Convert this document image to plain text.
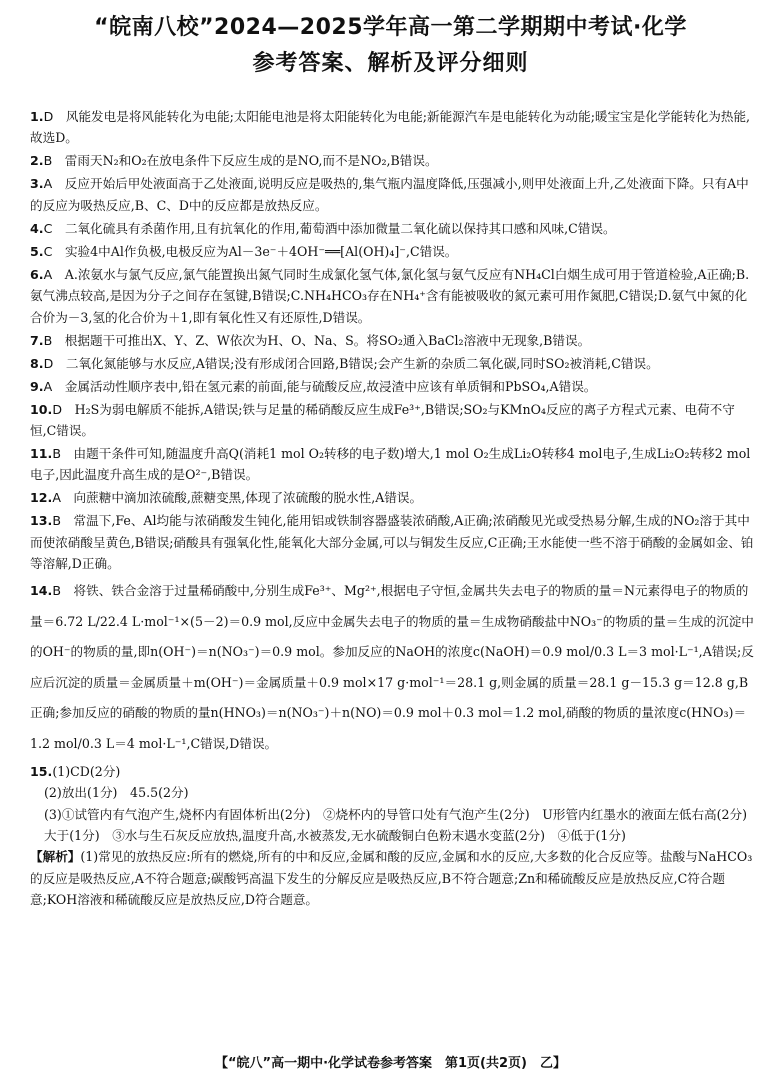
“皖南八校”2024—2025学年高一第二学期期中考试·化学
参考答案、解析及评分细则
1.D　 风能发电是将风能转化为电能;太阳能电池是将太阳能转化为电能;新能源汽车是电能转化为动能;暖宝宝是化学能转化为热能,故选D。
2.B　 雷雨天N₂和O₂在放电条件下反应生成的是NO,而不是NO₂,B错误。
3.A　 反应开始后甲处液面高于乙处液面,说明反应是吸热的,集气瓶内温度降低,压强减小,则甲处液面上升,乙处液面下降。只有A中的反应为吸热反应,B、C、D中的反应都是放热反应。
4.C　 二氧化硫具有杀菌作用,且有抗氧化的作用,葡萄酒中添加微量二氧化硫以保持其口感和风味,C错误。
5.C　 实验4中Al作负极,电极反应为Al－3e⁻＋4OH⁻══[Al(OH)₄]⁻,C错误。
6.A　 A.浓氨水与氯气反应,氯气能置换出氮气同时生成氯化氢气体,氯化氢与氨气反应有NH₄Cl白烟生成可用于管道检验,A正确;B.氨气沸点较高,是因为分子之间存在氢键,B错误;C.NH₄HCO₃存在NH₄⁺含有能被吸收的氮元素可用作氮肥,C错误;D.氨气中氮的化合价为－3,氢的化合价为＋1,即有氧化性又有还原性,D错误。
7.B　 根据题干可推出X、Y、Z、W依次为H、O、Na、S。将SO₂通入BaCl₂溶液中无现象,B错误。
8.D　 二氧化氮能够与水反应,A错误;没有形成闭合回路,B错误;会产生新的杂质二氧化碳,同时SO₂被消耗,C错误。
9.A　 金属活动性顺序表中,铅在氢元素的前面,能与硫酸反应,故浸渣中应该有单质铜和PbSO₄,A错误。
10.D　 H₂S为弱电解质不能拆,A错误;铁与足量的稀硝酸反应生成Fe³⁺,B错误;SO₂与KMnO₄反应的离子方程式元素、电荷不守恒,C错误。
11.B　 由题干条件可知,随温度升高Q(消耗1 mol O₂转移的电子数)增大,1 mol O₂生成Li₂O转移4 mol电子,生成Li₂O₂转移2 mol电子,因此温度升高生成的是O²⁻,B错误。
12.A　 向蔗糖中滴加浓硫酸,蔗糖变黑,体现了浓硫酸的脱水性,A错误。
13.B　 常温下,Fe、Al均能与浓硝酸发生钝化,能用铝或铁制容器盛装浓硝酸,A正确;浓硝酸见光或受热易分解,生成的NO₂溶于其中而使浓硝酸呈黄色,B错误;硝酸具有强氧化性,能氧化大部分金属,可以与铜发生反应,C正确;王水能使一些不溶于硝酸的金属如金、铂等溶解,D正确。
14.B　 将铁、铁合金溶于过量稀硝酸中,分别生成Fe³⁺、Mg²⁺,根据电子守恒,金属共失去电子的物质的量＝N元素得电子的物质的量＝6.72 L/22.4 L·mol⁻¹×(5－2)＝0.9 mol,反应中金属失去电子的物质的量＝生成物硝酸盐中NO₃⁻的物质的量＝生成的沉淀中的OH⁻的物质的量,即n(OH⁻)＝n(NO₃⁻)＝0.9 mol。参加反应的NaOH的浓度c(NaOH)＝0.9 mol/0.3 L＝3 mol·L⁻¹,A错误;反应后沉淀的质量＝金属质量＋m(OH⁻)＝金属质量＋0.9 mol×17 g·mol⁻¹＝28.1 g,则金属的质量＝28.1 g－15.3 g＝12.8 g,B正确;参加反应的硝酸的物质的量n(HNO₃)＝n(NO₃⁻)＋n(NO)＝0.9 mol＋0.3 mol＝1.2 mol,硝酸的物质的量浓度c(HNO₃)＝1.2 mol/0.3 L＝4 mol·L⁻¹,C错误,D错误。
15.(1)CD(2分)
(2)放出(1分)　45.5(2分)
(3)①试管内有气泡产生,烧杯内有固体析出(2分)　②烧杯内的导管口处有气泡产生(2分)　U形管内红墨水的液面左低右高(2分)　大于(1分)　③水与生石灰反应放热,温度升高,水被蒸发,无水硫酸铜白色粉末遇水变蓝(2分)　④低于(1分)
【解析】(1)常见的放热反应:所有的燃烧,所有的中和反应,金属和酸的反应,金属和水的反应,大多数的化合反应等。盐酸与NaHCO₃的反应是吸热反应,A不符合题意;碳酸钙高温下发生的分解反应是吸热反应,B不符合题意;Zn和稀硫酸反应是放热反应,C符合题意;KOH溶液和稀硫酸反应是放热反应,D符合题意。
【“皖八”高一期中·化学试卷参考答案　第1页(共2页)　乙】
